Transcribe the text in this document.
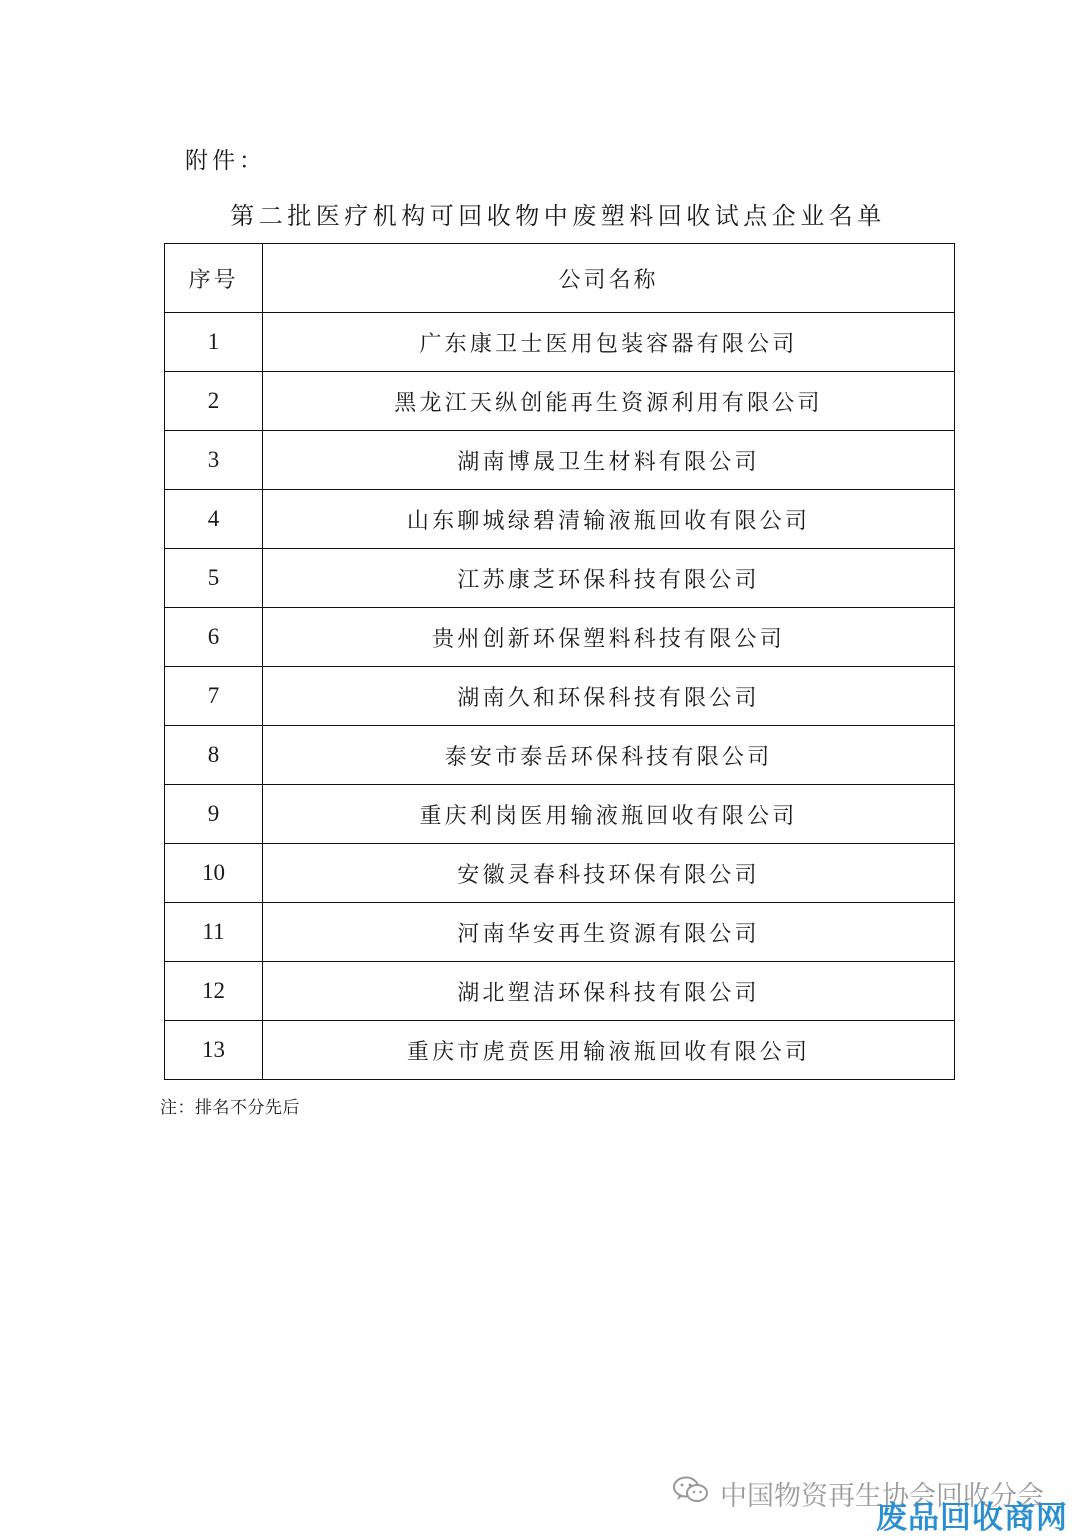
附件：
第二批医疗机构可回收物中废塑料回收试点企业名单
序号	公司名称
1	广东康卫士医用包装容器有限公司
2	黑龙江天纵创能再生资源利用有限公司
3	湖南博晟卫生材料有限公司
4	山东聊城绿碧清输液瓶回收有限公司
5	江苏康芝环保科技有限公司
6	贵州创新环保塑料科技有限公司
7	湖南久和环保科技有限公司
8	泰安市泰岳环保科技有限公司
9	重庆利岗医用输液瓶回收有限公司
10	安徽灵春科技环保有限公司
11	河南华安再生资源有限公司
12	湖北塑洁环保科技有限公司
13	重庆市虎贲医用输液瓶回收有限公司
注：排名不分先后
中国物资再生协会回收分会
废品回收商网
